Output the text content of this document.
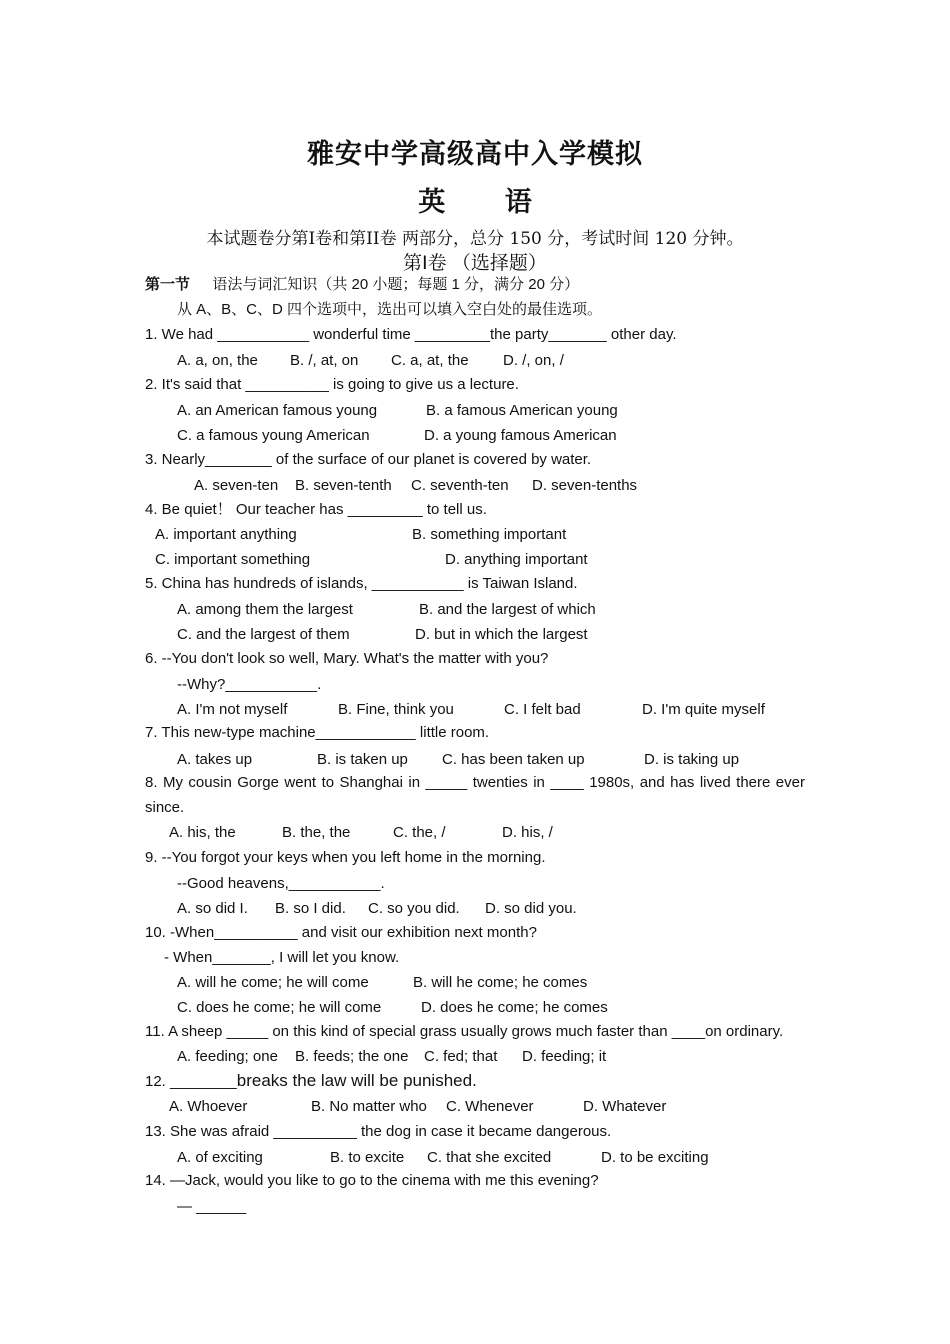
雅安中学高级高中入学模拟
英 语
本试题卷分第Ⅰ卷和第II卷 两部分，总分 150 分，考试时间 120 分钟。
第Ⅰ卷 （选择题）
第一节 语法与词汇知识（共 20 小题；每题 1 分，满分 20 分）
从 A、B、C、D 四个选项中，选出可以填入空白处的最佳选项。
1. We had ___________ wonderful time _________the party_______ other day.
A. a, on, the B. /, at, on C. a, at, the D. /, on, /
2. It's said that __________ is going to give us a lecture.
A. an American famous young	B. a famous American young
C. a famous young American	D. a young famous American
3. Nearly________ of the surface of our planet is covered by water.
A. seven-ten B. seven-tenth C. seventh-ten D. seven-tenths
4. Be quiet！ Our teacher has _________ to tell us.
A. important anything	B. something important
C. important something	D. anything important
5. China has hundreds of islands, ___________ is Taiwan Island.
A. among them the largest	B. and the largest of which
C. and the largest of them	D. but in which the largest
6. --You don't look so well, Mary. What's the matter with you?
--Why?___________.
A. I'm not myself	B. Fine, think you	C. I felt bad	D. I'm quite myself
7. This new-type machine____________ little room.
A. takes up	B. is taken up C. has been taken up	D. is taking up
8. My cousin Gorge went to Shanghai in _____ twenties in ____ 1980s, and has lived there ever
since.
A. his, the	B. the, the	C. the, /	D. his, /
9. --You forgot your keys when you left home in the morning.
--Good heavens,___________.
A. so did I. B. so I did. C. so you did. D. so did you.
10. -When__________ and visit our exhibition next month?
- When_______, I will let you know.
A. will he come; he will come	B. will he come; he comes
C. does he come; he will come	D. does he come; he comes
11. A sheep _____ on this kind of special grass usually grows much faster than ____on ordinary.
A. feeding; one B. feeds; the one C. fed; that D. feeding; it
12. ________breaks the law will be punished.
A. Whoever	B. No matter who C. Whenever	D. Whatever
13. She was afraid __________ the dog in case it became dangerous.
A. of exciting	B. to excite C. that she excited	D. to be exciting
14. —Jack, would you like to go to the cinema with me this evening?
— ______
